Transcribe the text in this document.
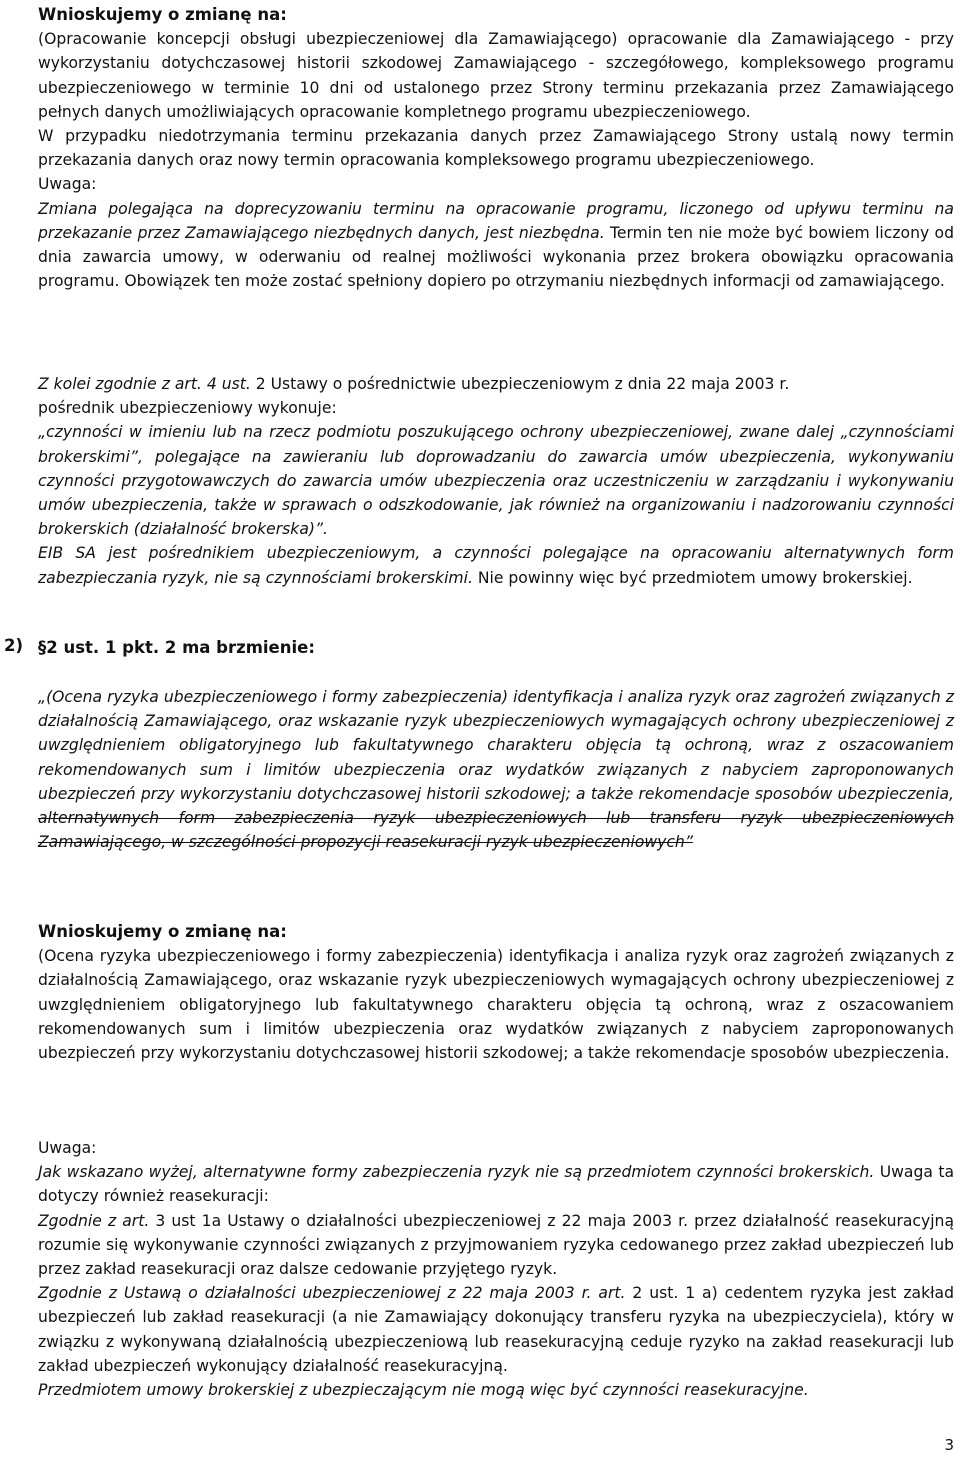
Wnioskujemy o zmianę na:
(Opracowanie koncepcji obsługi ubezpieczeniowej dla Zamawiającego) opracowanie dla Zamawiającego - przy wykorzystaniu dotychczasowej historii szkodowej Zamawiającego - szczegółowego, kompleksowego programu ubezpieczeniowego w terminie 10 dni od ustalonego przez Strony terminu przekazania przez Zamawiającego pełnych danych umożliwiających opracowanie kompletnego programu ubezpieczeniowego.
W przypadku niedotrzymania terminu przekazania danych przez Zamawiającego Strony ustalą nowy termin przekazania danych oraz nowy termin opracowania kompleksowego programu ubezpieczeniowego.
Uwaga:
Zmiana polegająca na doprecyzowaniu terminu na opracowanie programu, liczonego od upływu terminu na przekazanie przez Zamawiającego niezbędnych danych, jest niezbędna. Termin ten nie może być bowiem liczony od dnia zawarcia umowy, w oderwaniu od realnej możliwości wykonania przez brokera obowiązku opracowania programu. Obowiązek ten może zostać spełniony dopiero po otrzymaniu niezbędnych informacji od zamawiającego.
Z kolei zgodnie z art. 4 ust. 2 Ustawy o pośrednictwie ubezpieczeniowym z dnia 22 maja 2003 r.
pośrednik ubezpieczeniowy wykonuje:
„czynności w imieniu lub na rzecz podmiotu poszukującego ochrony ubezpieczeniowej, zwane dalej „czynnościami brokerskimi”, polegające na zawieraniu lub doprowadzaniu do zawarcia umów ubezpieczenia, wykonywaniu czynności przygotowawczych do zawarcia umów ubezpieczenia oraz uczestniczeniu w zarządzaniu i wykonywaniu umów ubezpieczenia, także w sprawach o odszkodowanie, jak również na organizowaniu i nadzorowaniu czynności brokerskich (działalność brokerska)”.
EIB SA jest pośrednikiem ubezpieczeniowym, a czynności polegające na opracowaniu alternatywnych form zabezpieczania ryzyk, nie są czynnościami brokerskimi. Nie powinny więc być przedmiotem umowy brokerskiej.
2) §2 ust. 1 pkt. 2 ma brzmienie:
„(Ocena ryzyka ubezpieczeniowego i formy zabezpieczenia) identyfikacja i analiza ryzyk oraz zagrożeń związanych z działalnością Zamawiającego, oraz wskazanie ryzyk ubezpieczeniowych wymagających ochrony ubezpieczeniowej z uwzględnieniem obligatoryjnego lub fakultatywnego charakteru objęcia tą ochroną, wraz z oszacowaniem rekomendowanych sum i limitów ubezpieczenia oraz wydatków związanych z nabyciem zaproponowanych ubezpieczeń przy wykorzystaniu dotychczasowej historii szkodowej; a także rekomendacje sposobów ubezpieczenia, alternatywnych form zabezpieczenia ryzyk ubezpieczeniowych lub transferu ryzyk ubezpieczeniowych Zamawiającego, w szczególności propozycji reasekuracji ryzyk ubezpieczeniowych”
Wnioskujemy o zmianę na:
(Ocena ryzyka ubezpieczeniowego i formy zabezpieczenia) identyfikacja i analiza ryzyk oraz zagrożeń związanych z działalnością Zamawiającego, oraz wskazanie ryzyk ubezpieczeniowych wymagających ochrony ubezpieczeniowej z uwzględnieniem obligatoryjnego lub fakultatywnego charakteru objęcia tą ochroną, wraz z oszacowaniem rekomendowanych sum i limitów ubezpieczenia oraz wydatków związanych z nabyciem zaproponowanych ubezpieczeń przy wykorzystaniu dotychczasowej historii szkodowej; a także rekomendacje sposobów ubezpieczenia.
Uwaga:
Jak wskazano wyżej, alternatywne formy zabezpieczenia ryzyk nie są przedmiotem czynności brokerskich. Uwaga ta dotyczy również reasekuracji:
Zgodnie z art. 3 ust 1a Ustawy o działalności ubezpieczeniowej z 22 maja 2003 r. przez działalność reasekuracyjną rozumie się wykonywanie czynności związanych z przyjmowaniem ryzyka cedowanego przez zakład ubezpieczeń lub przez zakład reasekuracji oraz dalsze cedowanie przyjętego ryzyk.
Zgodnie z Ustawą o działalności ubezpieczeniowej z 22 maja 2003 r. art. 2 ust. 1 a) cedentem ryzyka jest zakład ubezpieczeń lub zakład reasekuracji (a nie Zamawiający dokonujący transferu ryzyka na ubezpieczyciela), który w związku z wykonywaną działalnością ubezpieczeniową lub reasekuracyjną ceduje ryzyko na zakład reasekuracji lub zakład ubezpieczeń wykonujący działalność reasekuracyjną.
Przedmiotem umowy brokerskiej z ubezpieczającym nie mogą więc być czynności reasekuracyjne.
3
